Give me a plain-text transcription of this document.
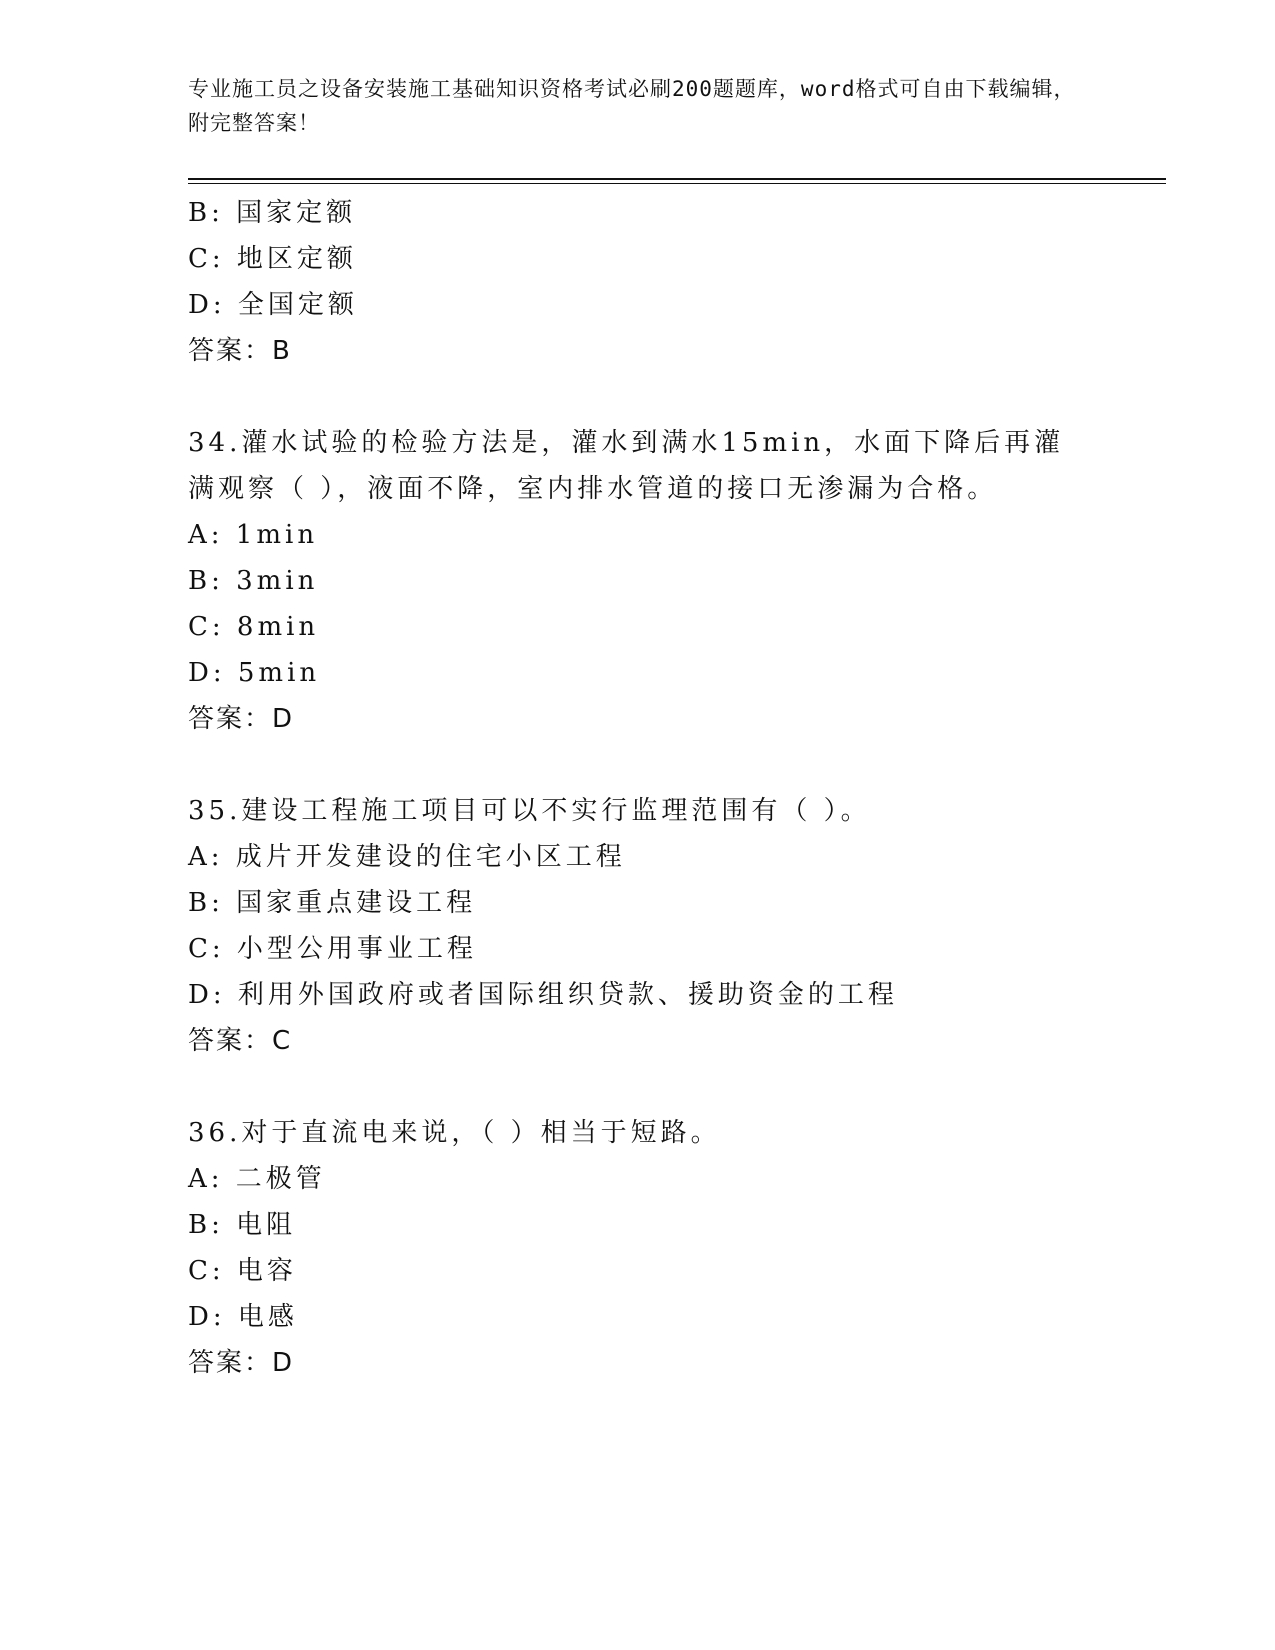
专业施工员之设备安装施工基础知识资格考试必刷200题题库，word格式可自由下载编辑，附完整答案！
B: 国家定额
C: 地区定额
D: 全国定额
答案：B
34.灌水试验的检验方法是，灌水到满水15min，水面下降后再灌满观察（ ），液面不降，室内排水管道的接口无渗漏为合格。
A: 1min
B: 3min
C: 8min
D: 5min
答案：D
35.建设工程施工项目可以不实行监理范围有（ ）。
A: 成片开发建设的住宅小区工程
B: 国家重点建设工程
C: 小型公用事业工程
D: 利用外国政府或者国际组织贷款、援助资金的工程
答案：C
36.对于直流电来说，（ ）相当于短路。
A: 二极管
B: 电阻
C: 电容
D: 电感
答案：D
